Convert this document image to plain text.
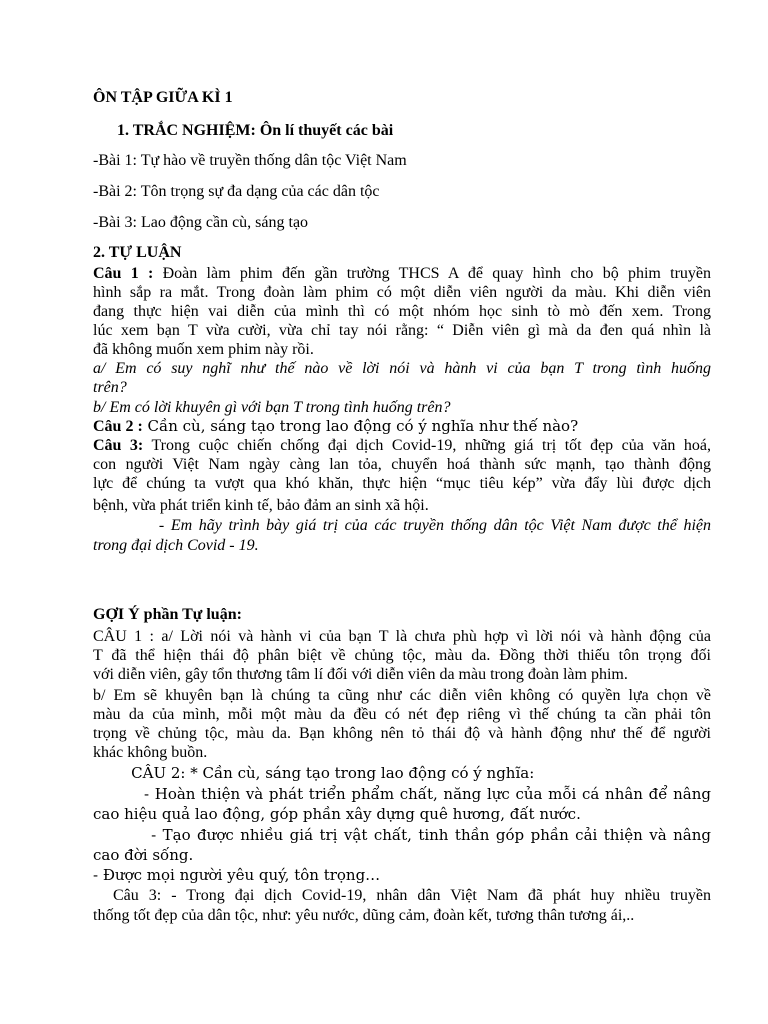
ÔN TẬP GIỮA KÌ 1

1. TRẮC NGHIỆM: Ôn lí thuyết các bài

-Bài 1: Tự hào về truyền thống dân tộc Việt Nam

-Bài 2: Tôn trọng sự đa dạng của các dân tộc

-Bài 3: Lao động cần cù, sáng tạo

2. TỰ LUẬN

Câu 1 : Đoàn làm phim đến gần trường THCS A để quay hình cho bộ phim truyền

hình sắp ra mắt. Trong đoàn làm phim có một diễn viên người da màu. Khi diễn viên

đang thực hiện vai diễn của mình thì có một nhóm học sinh tò mò đến xem. Trong

lúc xem bạn T vừa cười, vừa chỉ tay nói rằng: “ Diễn viên gì mà da đen quá nhìn là

đã không muốn xem phim này rồi.

a/ Em có suy nghĩ như thế nào về lời nói và hành vi của bạn T trong tình huống

trên?

b/ Em có lời khuyên gì với bạn T trong tình huống trên?

Câu 2 : Cần cù, sáng tạo trong lao động có ý nghĩa như thế nào?

Câu 3: Trong cuộc chiến chống đại dịch Covid-19, những giá trị tốt đẹp của văn hoá,

con người Việt Nam ngày càng lan tỏa, chuyển hoá thành sức mạnh, tạo thành động

lực để chúng ta vượt qua khó khăn, thực hiện “mục tiêu kép” vừa đẩy lùi được dịch

bệnh, vừa phát triển kinh tế, bảo đảm an sinh xã hội.

- Em hãy trình bày giá trị của các truyền thống dân tộc Việt Nam được thể hiện

trong đại dịch Covid - 19.

GỢI Ý phần Tự luận:

CÂU 1 : a/ Lời nói và hành vi của bạn T là chưa phù hợp vì lời nói và hành động của

T đã thể hiện thái độ phân biệt về chủng tộc, màu da. Đồng thời thiếu tôn trọng đối

với diễn viên, gây tổn thương tâm lí đối với diễn viên da màu trong đoàn làm phim.

b/ Em sẽ khuyên bạn là chúng ta cũng như các diễn viên không có quyền lựa chọn về

màu da của mình, mỗi một màu da đều có nét đẹp riêng vì thế chúng ta cần phải tôn

trọng về chủng tộc, màu da. Bạn không nên tỏ thái độ và hành động như thế để người

khác không buồn.

CÂU 2: * Cần cù, sáng tạo trong lao động có ý nghĩa:

- Hoàn thiện và phát triển phẩm chất, năng lực của mỗi cá nhân để nâng

cao hiệu quả lao động, góp phần xây dựng quê hương, đất nước.

- Tạo được nhiều giá trị vật chất, tinh thần góp phần cải thiện và nâng

cao đời sống.

- Được mọi người yêu quý, tôn trọng…

Câu 3: - Trong đại dịch Covid-19, nhân dân Việt Nam đã phát huy nhiều truyền

thống tốt đẹp của dân tộc, như: yêu nước, dũng cảm, đoàn kết, tương thân tương ái,..
